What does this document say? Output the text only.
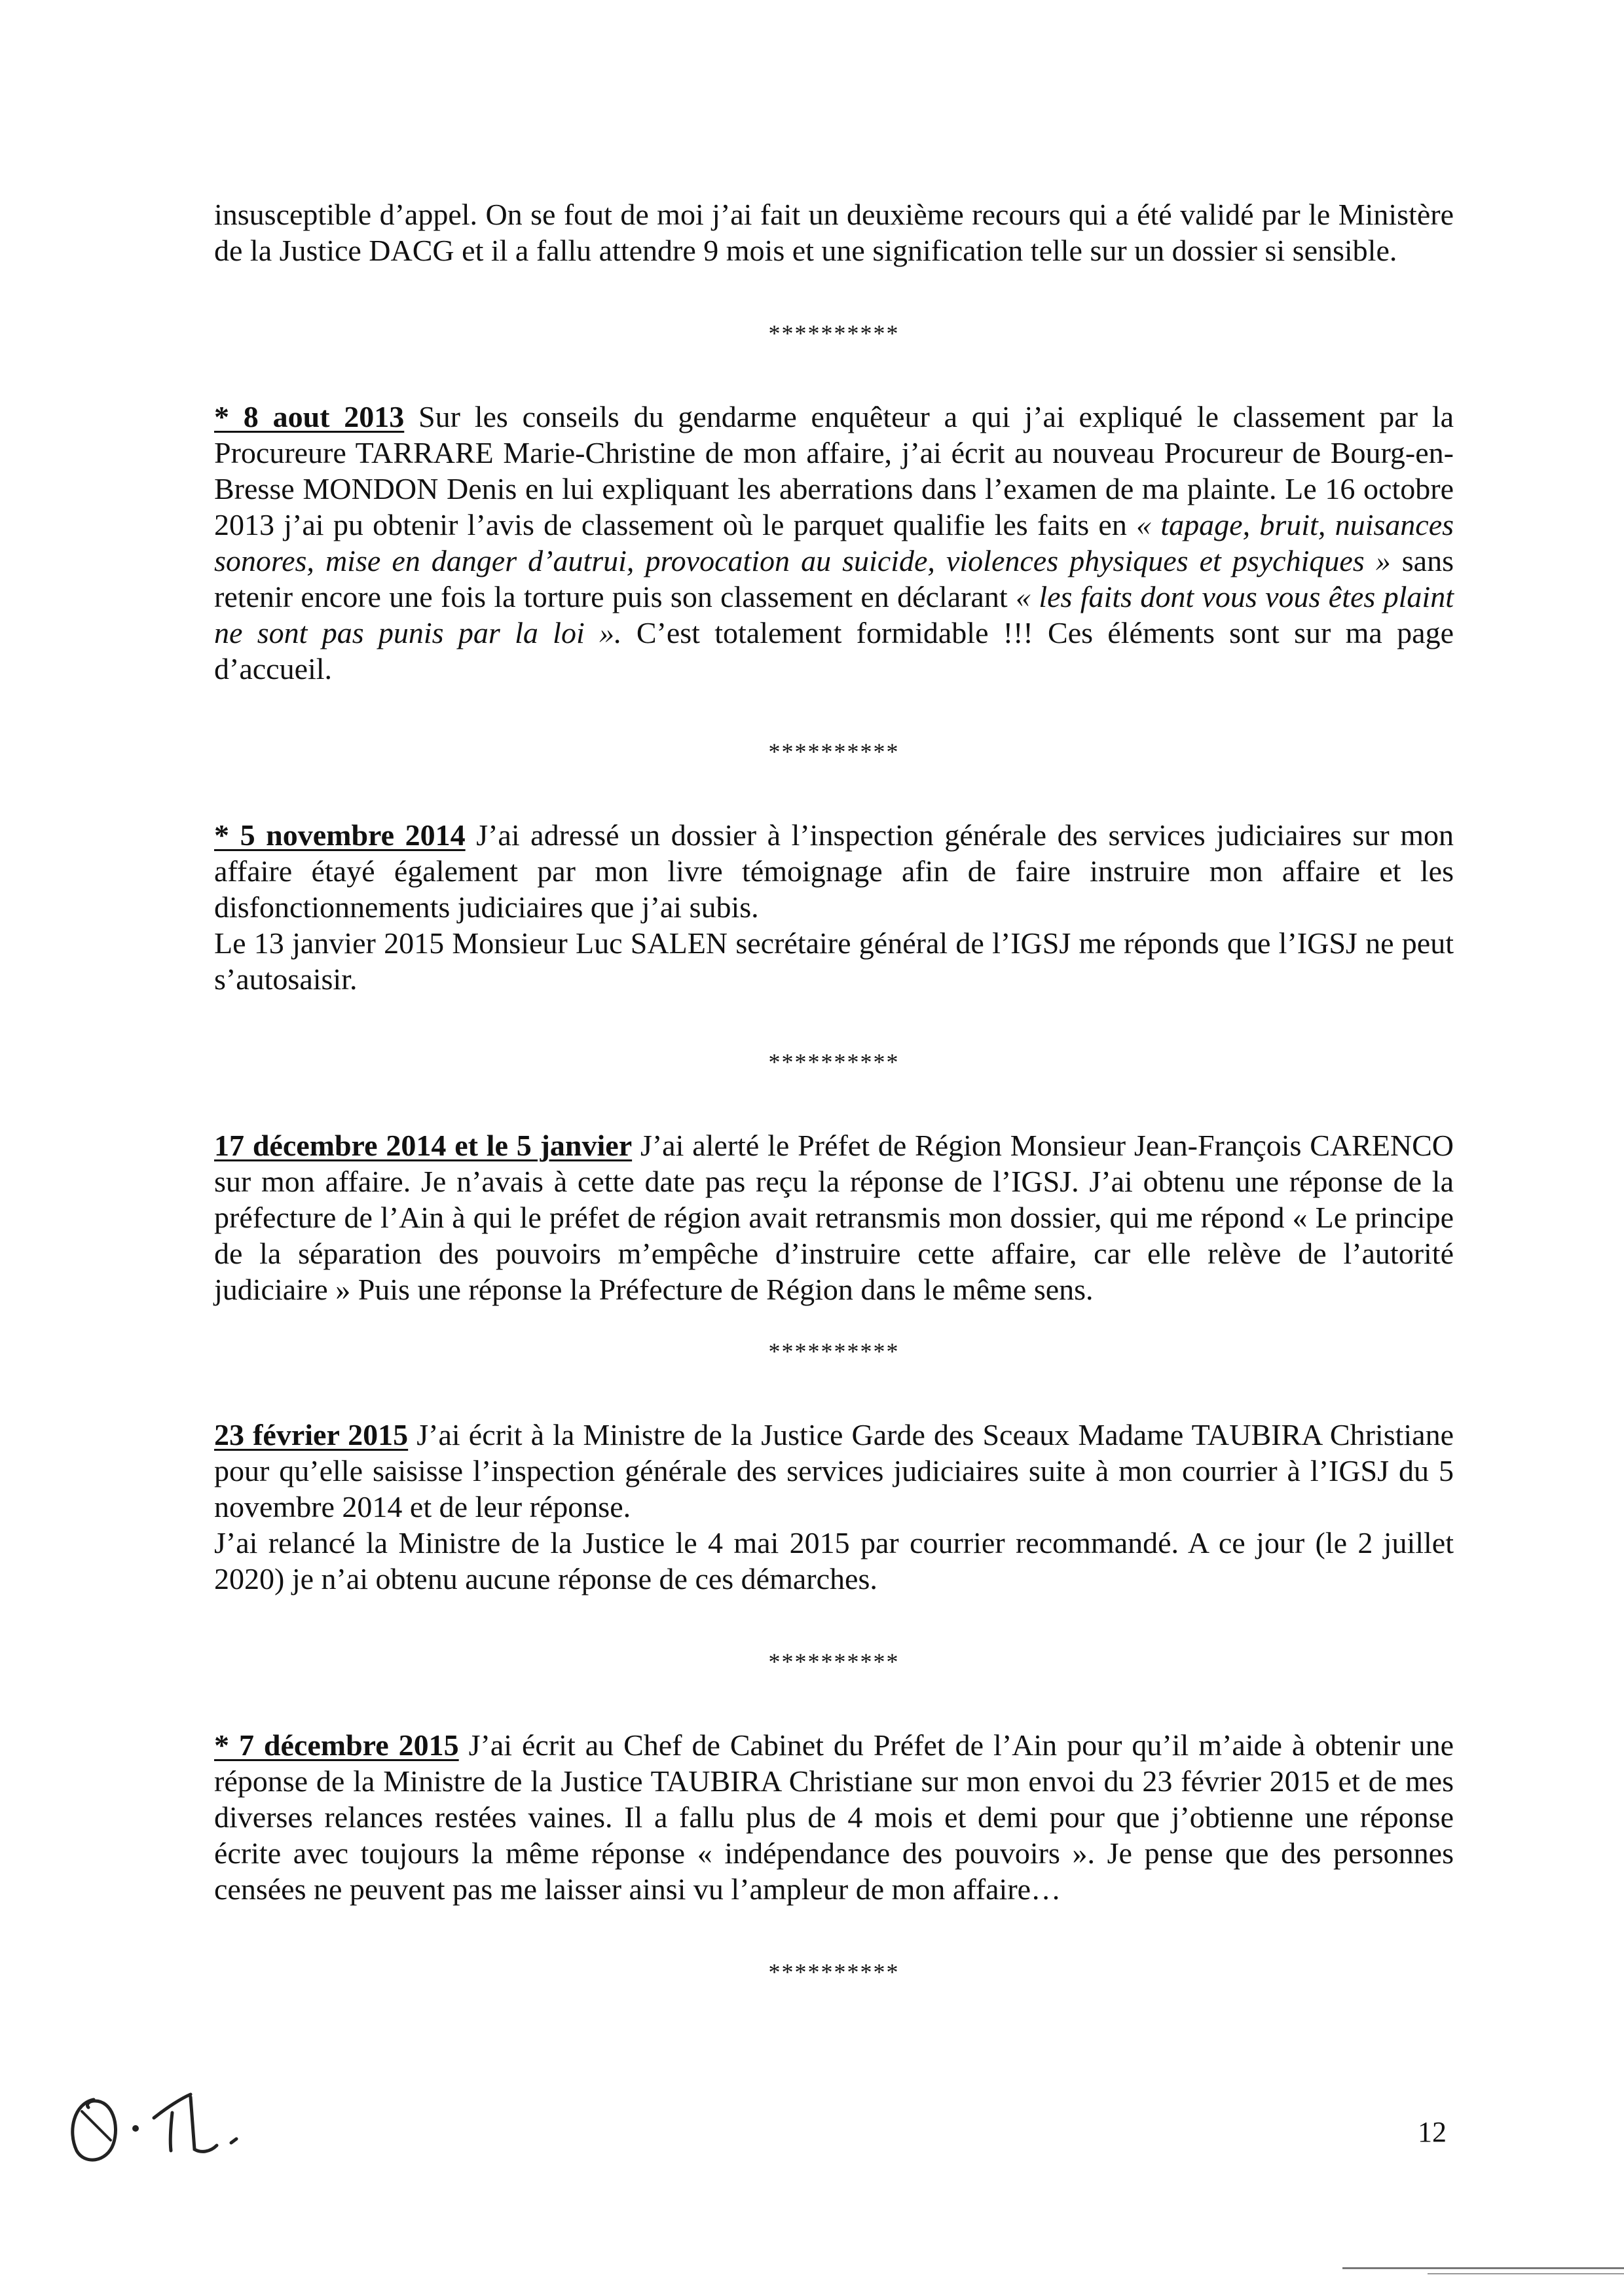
insusceptible d’appel. On se fout de moi j’ai fait un deuxième recours qui a été validé par le Ministère de la Justice DACG et il a fallu attendre 9 mois et une signification telle sur un dossier si sensible.

**********

* 8 aout 2013 Sur les conseils du gendarme enquêteur a qui j’ai expliqué le classement par la Procureure TARRARE Marie-Christine de mon affaire, j’ai écrit au nouveau Procureur de Bourg-en-Bresse MONDON Denis en lui expliquant les aberrations dans l’examen de ma plainte. Le 16 octobre 2013 j’ai pu obtenir l’avis de classement où le parquet qualifie les faits en « tapage, bruit, nuisances sonores, mise en danger d’autrui, provocation au suicide, violences physiques et psychiques » sans retenir encore une fois la torture puis son classement en déclarant « les faits dont vous vous êtes plaint ne sont pas punis par la loi ». C’est totalement formidable !!! Ces éléments sont sur ma page d’accueil.

**********

* 5 novembre 2014 J’ai adressé un dossier à l’inspection générale des services judiciaires sur mon affaire étayé également par mon livre témoignage afin de faire instruire mon affaire et les disfonctionnements judiciaires que j’ai subis.

Le 13 janvier 2015 Monsieur Luc SALEN secrétaire général de l’IGSJ me réponds que l’IGSJ ne peut s’autosaisir.

**********

17 décembre 2014 et le 5 janvier J’ai alerté le Préfet de Région Monsieur Jean-François CARENCO sur mon affaire. Je n’avais à cette date pas reçu la réponse de l’IGSJ. J’ai obtenu une réponse de la préfecture de l’Ain à qui le préfet de région avait retransmis mon dossier, qui me répond « Le principe de la séparation des pouvoirs m’empêche d’instruire cette affaire, car elle relève de l’autorité judiciaire » Puis une réponse la Préfecture de Région dans le même sens.

**********

23 février 2015 J’ai écrit à la Ministre de la Justice Garde des Sceaux Madame TAUBIRA Christiane pour qu’elle saisisse l’inspection générale des services judiciaires suite à mon courrier à l’IGSJ du 5 novembre 2014 et de leur réponse.

J’ai relancé la Ministre de la Justice le 4 mai 2015 par courrier recommandé. A ce jour (le 2 juillet 2020) je n’ai obtenu aucune réponse de ces démarches.

**********

* 7 décembre 2015 J’ai écrit au Chef de Cabinet du Préfet de l’Ain pour qu’il m’aide à obtenir une réponse de la Ministre de la Justice TAUBIRA Christiane sur mon envoi du 23 février 2015 et de mes diverses relances restées vaines. Il a fallu plus de 4 mois et demi pour que j’obtienne une réponse écrite avec toujours la même réponse « indépendance des pouvoirs ». Je pense que des personnes censées ne peuvent pas me laisser ainsi vu l’ampleur de mon affaire…

**********
12
